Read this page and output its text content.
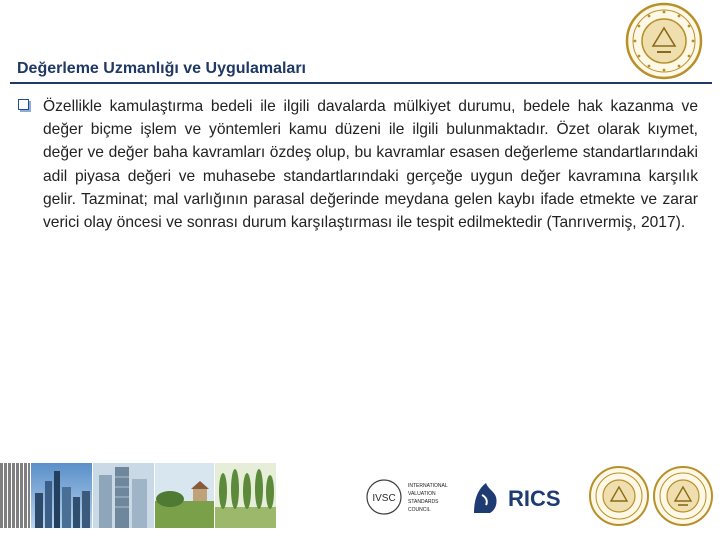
Değerleme Uzmanlığı ve Uygulamaları
Özellikle kamulaştırma bedeli ile ilgili davalarda mülkiyet durumu, bedele hak kazanma ve değer biçme işlem ve yöntemleri kamu düzeni ile ilgili bulunmaktadır. Özet olarak kıymet, değer ve değer baha kavramları özdeş olup, bu kavramlar esasen değerleme standartlarındaki adil piyasa değeri ve muhasebe standartlarındaki gerçeğe uygun değer kavramına karşılık gelir. Tazminat; mal varlığının parasal değerinde meydana gelen kaybı ifade etmekte ve zarar verici olay öncesi ve sonrası durum karşılaştırması ile tespit edilmektedir (Tanrıvermiş, 2017).
IVSC
INTERNATIONAL
VALUATION
STANDARDS
COUNCIL	RICS
